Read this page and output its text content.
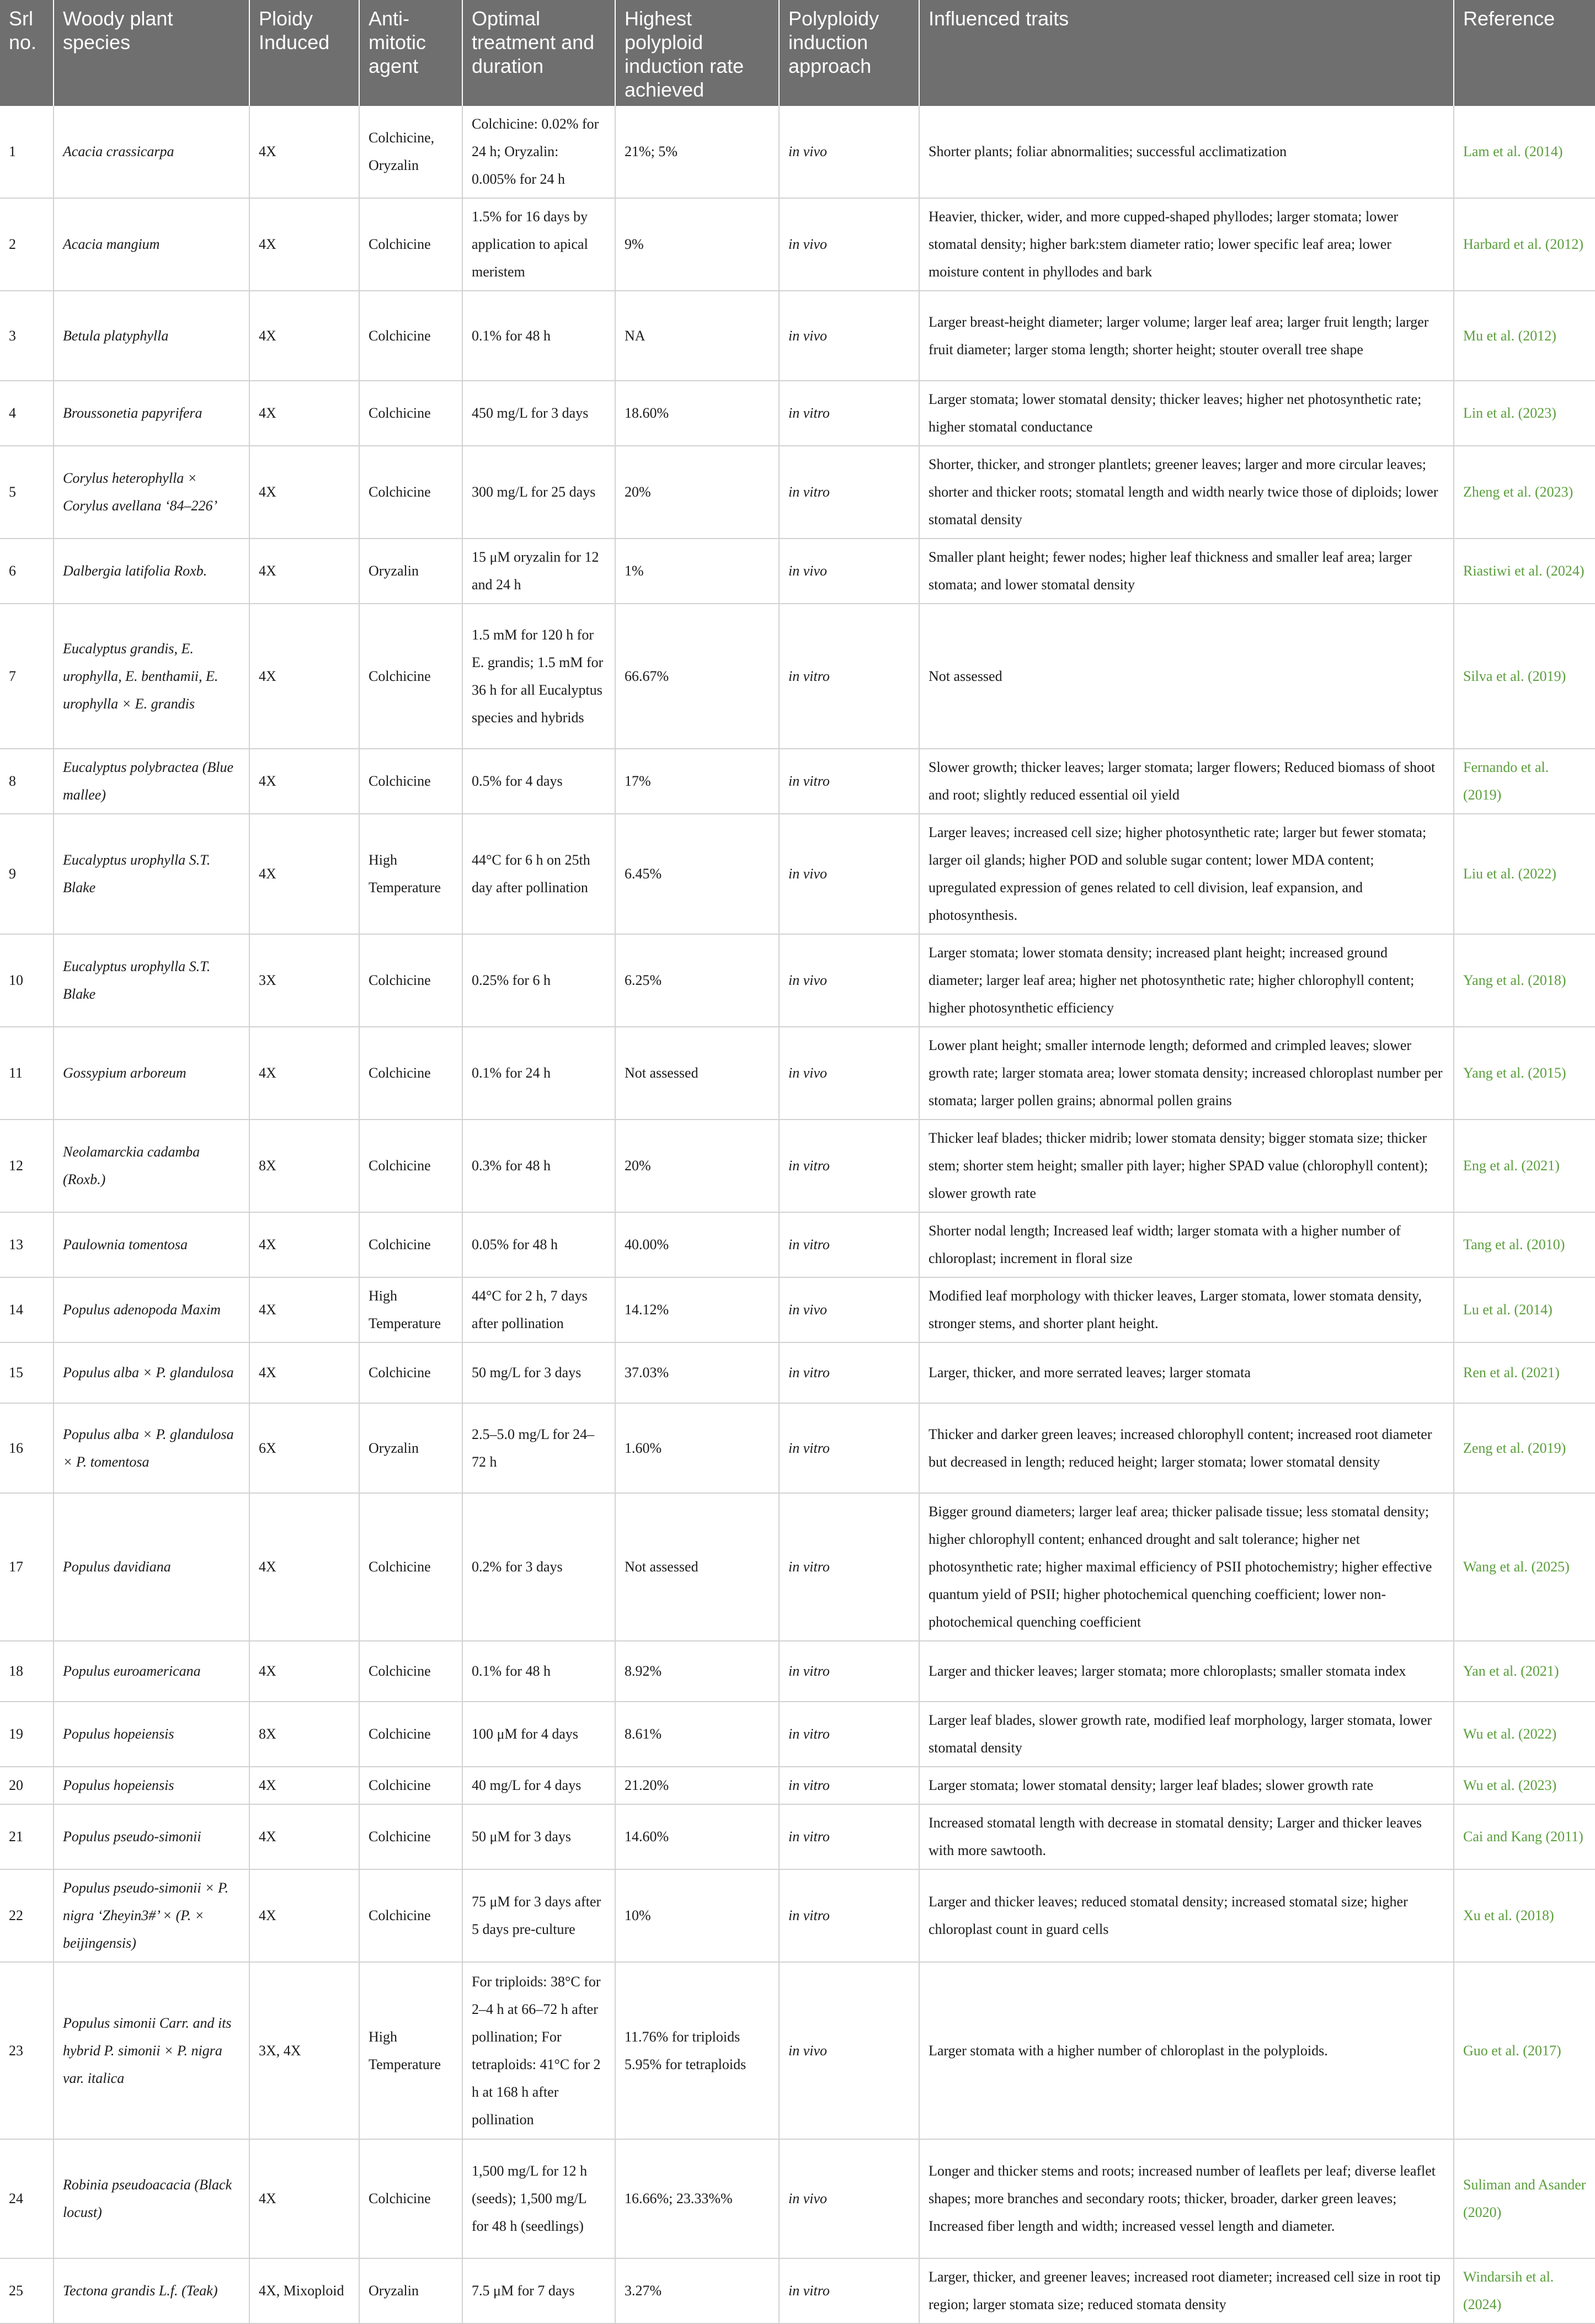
Srl no.	Woody plant species	Ploidy Induced	Anti-mitotic agent	Optimal treatment and duration	Highest polyploid induction rate achieved	Polyploidy induction approach	Influenced traits	Reference
1	Acacia crassicarpa	4X	Colchicine, Oryzalin	Colchicine: 0.02% for 24 h; Oryzalin: 0.005% for 24 h	21%; 5%	in vivo	Shorter plants; foliar abnormalities; successful acclimatization	Lam et al. (2014)
2	Acacia mangium	4X	Colchicine	1.5% for 16 days by application to apical meristem	9%	in vivo	Heavier, thicker, wider, and more cupped-shaped phyllodes; larger stomata; lower stomatal density; higher bark:stem diameter ratio; lower specific leaf area; lower moisture content in phyllodes and bark	Harbard et al. (2012)
3	Betula platyphylla	4X	Colchicine	0.1% for 48 h	NA	in vivo	Larger breast-height diameter; larger volume; larger leaf area; larger fruit length; larger fruit diameter; larger stoma length; shorter height; stouter overall tree shape	Mu et al. (2012)
4	Broussonetia papyrifera	4X	Colchicine	450 mg/L for 3 days	18.60%	in vitro	Larger stomata; lower stomatal density; thicker leaves; higher net photosynthetic rate; higher stomatal conductance	Lin et al. (2023)
5	Corylus heterophylla × Corylus avellana ‘84–226’	4X	Colchicine	300 mg/L for 25 days	20%	in vitro	Shorter, thicker, and stronger plantlets; greener leaves; larger and more circular leaves; shorter and thicker roots; stomatal length and width nearly twice those of diploids; lower stomatal density	Zheng et al. (2023)
6	Dalbergia latifolia Roxb.	4X	Oryzalin	15 μM oryzalin for 12 and 24 h	1%	in vivo	Smaller plant height; fewer nodes; higher leaf thickness and smaller leaf area; larger stomata; and lower stomatal density	Riastiwi et al. (2024)
7	Eucalyptus grandis, E. urophylla, E. benthamii, E. urophylla × E. grandis	4X	Colchicine	1.5 mM for 120 h for E. grandis; 1.5 mM for 36 h for all Eucalyptus species and hybrids	66.67%	in vitro	Not assessed	Silva et al. (2019)
8	Eucalyptus polybractea (Blue mallee)	4X	Colchicine	0.5% for 4 days	17%	in vitro	Slower growth; thicker leaves; larger stomata; larger flowers; Reduced biomass of shoot and root; slightly reduced essential oil yield	Fernando et al. (2019)
9	Eucalyptus urophylla S.T. Blake	4X	High Temperature	44°C for 6 h on 25th day after pollination	6.45%	in vivo	Larger leaves; increased cell size; higher photosynthetic rate; larger but fewer stomata; larger oil glands; higher POD and soluble sugar content; lower MDA content; upregulated expression of genes related to cell division, leaf expansion, and photosynthesis.	Liu et al. (2022)
10	Eucalyptus urophylla S.T. Blake	3X	Colchicine	0.25% for 6 h	6.25%	in vivo	Larger stomata; lower stomata density; increased plant height; increased ground diameter; larger leaf area; higher net photosynthetic rate; higher chlorophyll content; higher photosynthetic efficiency	Yang et al. (2018)
11	Gossypium arboreum	4X	Colchicine	0.1% for 24 h	Not assessed	in vivo	Lower plant height; smaller internode length; deformed and crimpled leaves; slower growth rate; larger stomata area; lower stomata density; increased chloroplast number per stomata; larger pollen grains; abnormal pollen grains	Yang et al. (2015)
12	Neolamarckia cadamba (Roxb.)	8X	Colchicine	0.3% for 48 h	20%	in vitro	Thicker leaf blades; thicker midrib; lower stomata density; bigger stomata size; thicker stem; shorter stem height; smaller pith layer; higher SPAD value (chlorophyll content); slower growth rate	Eng et al. (2021)
13	Paulownia tomentosa	4X	Colchicine	0.05% for 48 h	40.00%	in vitro	Shorter nodal length; Increased leaf width; larger stomata with a higher number of chloroplast; increment in floral size	Tang et al. (2010)
14	Populus adenopoda Maxim	4X	High Temperature	44°C for 2 h, 7 days after pollination	14.12%	in vivo	Modified leaf morphology with thicker leaves, Larger stomata, lower stomata density, stronger stems, and shorter plant height.	Lu et al. (2014)
15	Populus alba × P. glandulosa	4X	Colchicine	50 mg/L for 3 days	37.03%	in vitro	Larger, thicker, and more serrated leaves; larger stomata	Ren et al. (2021)
16	Populus alba × P. glandulosa × P. tomentosa	6X	Oryzalin	2.5–5.0 mg/L for 24–72 h	1.60%	in vitro	Thicker and darker green leaves; increased chlorophyll content; increased root diameter but decreased in length; reduced height; larger stomata; lower stomatal density	Zeng et al. (2019)
17	Populus davidiana	4X	Colchicine	0.2% for 3 days	Not assessed	in vitro	Bigger ground diameters; larger leaf area; thicker palisade tissue; less stomatal density; higher chlorophyll content; enhanced drought and salt tolerance; higher net photosynthetic rate; higher maximal efficiency of PSII photochemistry; higher effective quantum yield of PSII; higher photochemical quenching coefficient; lower non-photochemical quenching coefficient	Wang et al. (2025)
18	Populus euroamericana	4X	Colchicine	0.1% for 48 h	8.92%	in vitro	Larger and thicker leaves; larger stomata; more chloroplasts; smaller stomata index	Yan et al. (2021)
19	Populus hopeiensis	8X	Colchicine	100 μM for 4 days	8.61%	in vitro	Larger leaf blades, slower growth rate, modified leaf morphology, larger stomata, lower stomatal density	Wu et al. (2022)
20	Populus hopeiensis	4X	Colchicine	40 mg/L for 4 days	21.20%	in vitro	Larger stomata; lower stomatal density; larger leaf blades; slower growth rate	Wu et al. (2023)
21	Populus pseudo-simonii	4X	Colchicine	50 μM for 3 days	14.60%	in vitro	Increased stomatal length with decrease in stomatal density; Larger and thicker leaves with more sawtooth.	Cai and Kang (2011)
22	Populus pseudo-simonii × P. nigra ‘Zheyin3#’ × (P. × beijingensis)	4X	Colchicine	75 μM for 3 days after 5 days pre-culture	10%	in vitro	Larger and thicker leaves; reduced stomatal density; increased stomatal size; higher chloroplast count in guard cells	Xu et al. (2018)
23	Populus simonii Carr. and its hybrid P. simonii × P. nigra var. italica	3X, 4X	High Temperature	For triploids: 38°C for 2–4 h at 66–72 h after pollination; For tetraploids: 41°C for 2 h at 168 h after pollination	11.76% for triploids 5.95% for tetraploids	in vivo	Larger stomata with a higher number of chloroplast in the polyploids.	Guo et al. (2017)
24	Robinia pseudoacacia (Black locust)	4X	Colchicine	1,500 mg/L for 12 h (seeds); 1,500 mg/L for 48 h (seedlings)	16.66%; 23.33%%	in vivo	Longer and thicker stems and roots; increased number of leaflets per leaf; diverse leaflet shapes; more branches and secondary roots; thicker, broader, darker green leaves; Increased fiber length and width; increased vessel length and diameter.	Suliman and Asander (2020)
25	Tectona grandis L.f. (Teak)	4X, Mixoploid	Oryzalin	7.5 μM for 7 days	3.27%	in vitro	Larger, thicker, and greener leaves; increased root diameter; increased cell size in root tip region; larger stomata size; reduced stomata density	Windarsih et al. (2024)
